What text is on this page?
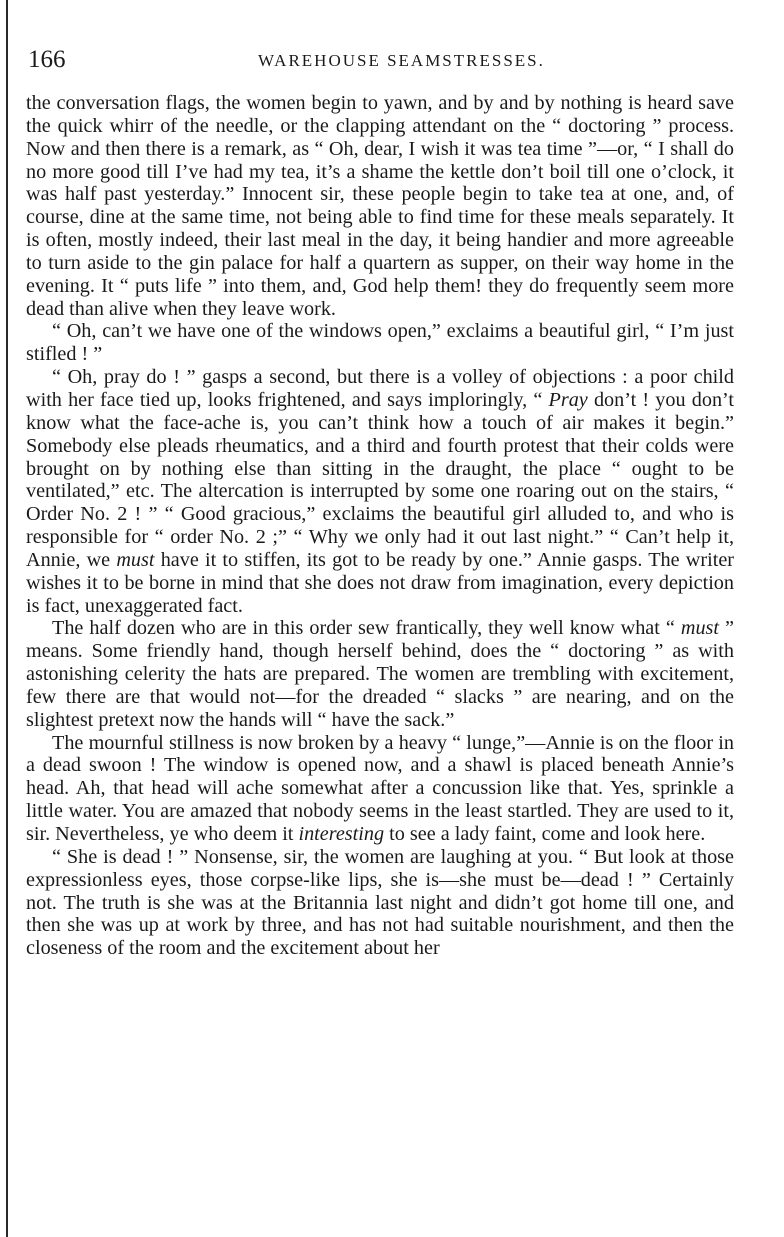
166	WAREHOUSE SEAMSTRESSES.

the conversation flags, the women begin to yawn, and by and by nothing is heard save the quick whirr of the needle, or the clapping attendant on the “ doctoring ” process. Now and then there is a remark, as “ Oh, dear, I wish it was tea time ”—or, “ I shall do no more good till I’ve had my tea, it’s a shame the kettle don’t boil till one o’clock, it was half past yesterday.” Innocent sir, these people begin to take tea at one, and, of course, dine at the same time, not being able to find time for these meals separately. It is often, mostly indeed, their last meal in the day, it being handier and more agreeable to turn aside to the gin palace for half a quartern as supper, on their way home in the evening. It “ puts life ” into them, and, God help them! they do frequently seem more dead than alive when they leave work.

“ Oh, can’t we have one of the windows open,” exclaims a beautiful girl, “ I’m just stifled ! ”

“ Oh, pray do ! ” gasps a second, but there is a volley of objections : a poor child with her face tied up, looks frightened, and says imploringly, “ Pray don’t ! you don’t know what the face-ache is, you can’t think how a touch of air makes it begin.” Somebody else pleads rheumatics, and a third and fourth protest that their colds were brought on by nothing else than sitting in the draught, the place “ ought to be ventilated,” etc. The altercation is interrupted by some one roaring out on the stairs, “ Order No. 2 ! ” “ Good gracious,” exclaims the beautiful girl alluded to, and who is responsible for “ order No. 2 ;” “ Why we only had it out last night.” “ Can’t help it, Annie, we must have it to stiffen, its got to be ready by one.” Annie gasps. The writer wishes it to be borne in mind that she does not draw from imagination, every depiction is fact, unexaggerated fact.

The half dozen who are in this order sew frantically, they well know what “ must ” means. Some friendly hand, though herself behind, does the “ doctoring ” as with astonishing celerity the hats are prepared. The women are trembling with excitement, few there are that would not—for the dreaded “ slacks ” are nearing, and on the slightest pretext now the hands will “ have the sack.”

The mournful stillness is now broken by a heavy “ lunge,”—Annie is on the floor in a dead swoon ! The window is opened now, and a shawl is placed beneath Annie’s head. Ah, that head will ache somewhat after a concussion like that. Yes, sprinkle a little water. You are amazed that nobody seems in the least startled. They are used to it, sir. Nevertheless, ye who deem it interesting to see a lady faint, come and look here.

“ She is dead ! ” Nonsense, sir, the women are laughing at you. “ But look at those expressionless eyes, those corpse-like lips, she is—she must be—dead ! ” Certainly not. The truth is she was at the Britannia last night and didn’t got home till one, and then she was up at work by three, and has not had suitable nourishment, and then the closeness of the room and the excitement about her
